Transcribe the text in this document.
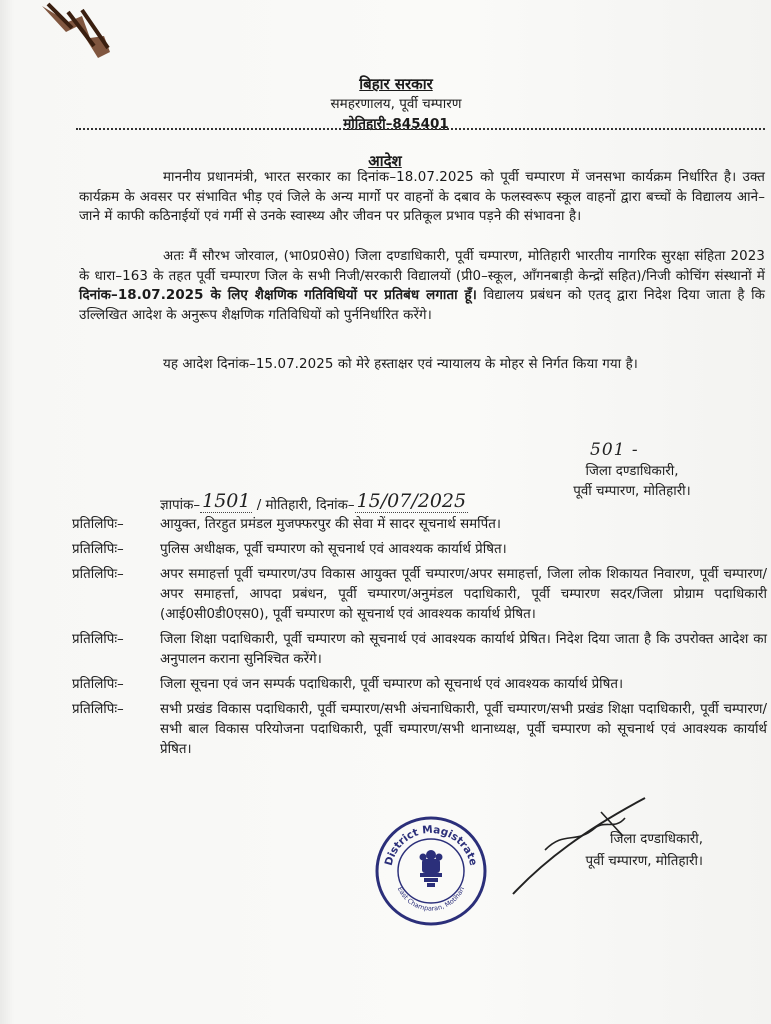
बिहार सरकार
समहरणालय, पूर्वी चम्पारण
मोतिहारी–845401
आदेश
माननीय प्रधानमंत्री, भारत सरकार का दिनांक–18.07.2025 को पूर्वी चम्पारण में जनसभा कार्यक्रम निर्धारित है। उक्त कार्यक्रम के अवसर पर संभावित भीड़ एवं जिले के अन्य मार्गो पर वाहनों के दबाव के फलस्वरूप स्कूल वाहनों द्वारा बच्चों के विद्यालय आने–जाने में काफी कठिनाईयों एवं गर्मी से उनके स्वास्थ्य और जीवन पर प्रतिकूल प्रभाव पड़ने की संभावना है।
अतः मैं सौरभ जोरवाल, (भा0प्र0से0) जिला दण्डाधिकारी, पूर्वी चम्पारण, मोतिहारी भारतीय नागरिक सुरक्षा संहिता 2023 के धारा–163 के तहत पूर्वी चम्पारण जिल के सभी निजी/सरकारी विद्यालयों (प्री0–स्कूल, आँगनबाड़ी केन्द्रों सहित)/निजी कोचिंग संस्थानों में दिनांक–18.07.2025 के लिए शैक्षणिक गतिविधियों पर प्रतिबंध लगाता हूँ। विद्यालय प्रबंधन को एतद् द्वारा निदेश दिया जाता है कि उल्लिखित आदेश के अनुरूप शैक्षणिक गतिविधियों को पुर्ननिर्धारित करेंगे।
यह आदेश दिनांक–15.07.2025 को मेरे हस्ताक्षर एवं न्यायालय के मोहर से निर्गत किया गया है।
501 -
जिला दण्डाधिकारी,
पूर्वी चम्पारण, मोतिहारी।
ज्ञापांक– 1501 / मोतिहारी, दिनांक– 15/07/2025
प्रतिलिपिः–	आयुक्त, तिरहुत प्रमंडल मुजफ्फरपुर की सेवा में सादर सूचनार्थ समर्पित।
प्रतिलिपिः–	पुलिस अधीक्षक, पूर्वी चम्पारण को सूचनार्थ एवं आवश्यक कार्यार्थ प्रेषित।
प्रतिलिपिः–	अपर समाहर्त्ता पूर्वी चम्पारण/उप विकास आयुक्त पूर्वी चम्पारण/अपर समाहर्त्ता, जिला लोक शिकायत निवारण, पूर्वी चम्पारण/अपर समाहर्त्ता, आपदा प्रबंधन, पूर्वी चम्पारण/अनुमंडल पदाधिकारी, पूर्वी चम्पारण सदर/जिला प्रोग्राम पदाधिकारी (आई0सी0डी0एस0), पूर्वी चम्पारण को सूचनार्थ एवं आवश्यक कार्यार्थ प्रेषित।
प्रतिलिपिः–	जिला शिक्षा पदाधिकारी, पूर्वी चम्पारण को सूचनार्थ एवं आवश्यक कार्यार्थ प्रेषित। निदेश दिया जाता है कि उपरोक्त आदेश का अनुपालन कराना सुनिश्चित करेंगे।
प्रतिलिपिः–	जिला सूचना एवं जन सम्पर्क पदाधिकारी, पूर्वी चम्पारण को सूचनार्थ एवं आवश्यक कार्यार्थ प्रेषित।
प्रतिलिपिः–	सभी प्रखंड विकास पदाधिकारी, पूर्वी चम्पारण/सभी अंचनाधिकारी, पूर्वी चम्पारण/सभी प्रखंड शिक्षा पदाधिकारी, पूर्वी चम्पारण/सभी बाल विकास परियोजना पदाधिकारी, पूर्वी चम्पारण/सभी थानाध्यक्ष, पूर्वी चम्पारण को सूचनार्थ एवं आवश्यक कार्यार्थ प्रेषित।
District Magistrate
East Champaran, Motihari
जिला दण्डाधिकारी,
पूर्वी चम्पारण, मोतिहारी।
